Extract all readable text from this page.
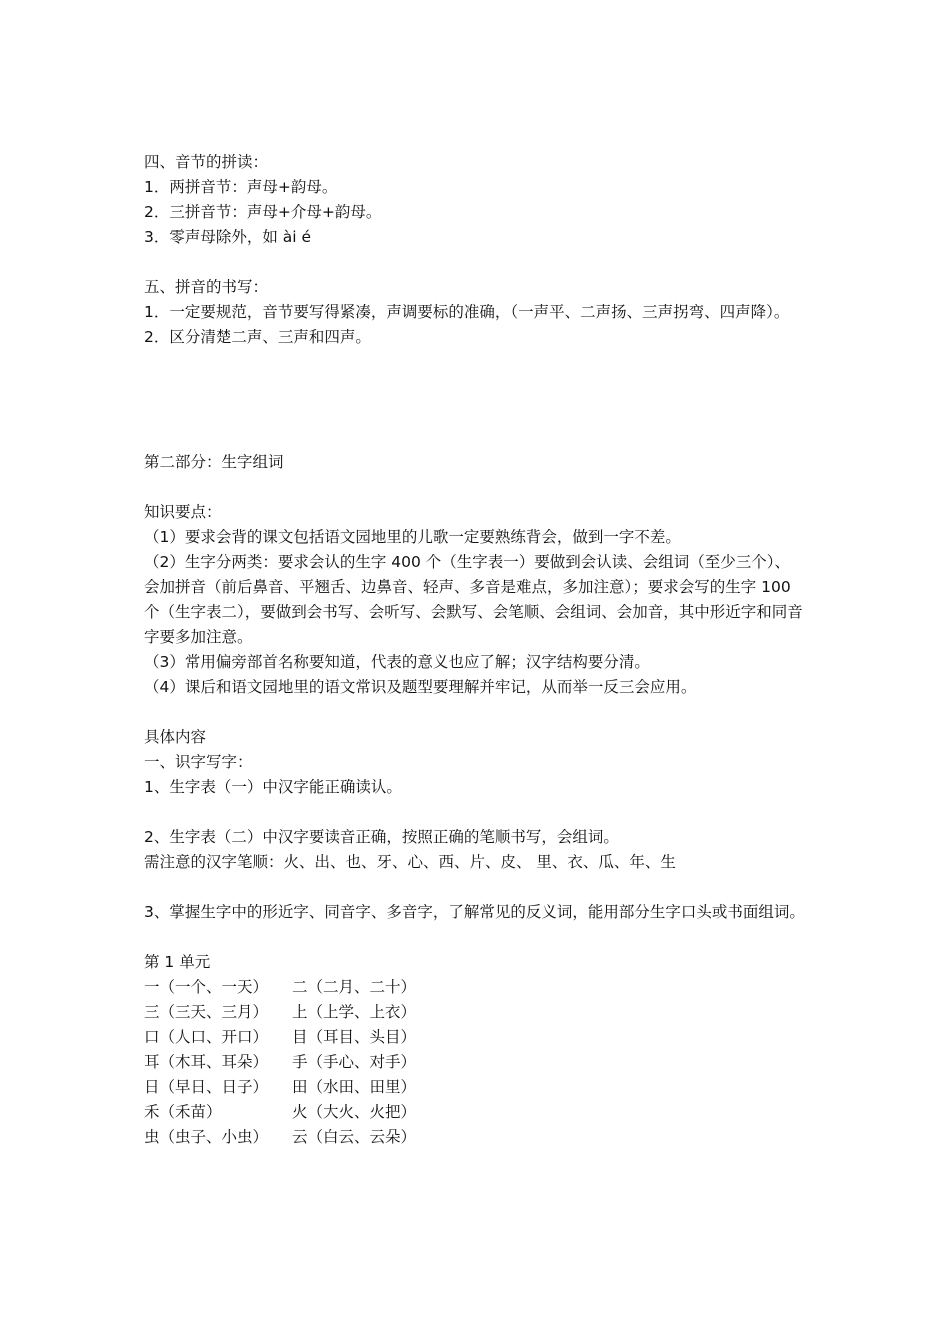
四、音节的拼读：
1．两拼音节：声母+韵母。
2．三拼音节：声母+介母+韵母。
3．零声母除外，如 ài é
五、拼音的书写：
1．一定要规范，音节要写得紧凑，声调要标的准确，（一声平、二声扬、三声拐弯、四声降）。
2．区分清楚二声、三声和四声。
第二部分：生字组词
知识要点：
（1）要求会背的课文包括语文园地里的儿歌一定要熟练背会，做到一字不差。
（2）生字分两类：要求会认的生字 400 个（生字表一）要做到会认读、会组词（至少三个）、
会加拼音（前后鼻音、平翘舌、边鼻音、轻声、多音是难点，多加注意）；要求会写的生字 100 个（生字表二），要做到会书写、会听写、会默写、会笔顺、会组词、会加音，其中形近字和同音字要多加注意。
（3）常用偏旁部首名称要知道，代表的意义也应了解；汉字结构要分清。
（4）课后和语文园地里的语文常识及题型要理解并牢记，从而举一反三会应用。
具体内容
一、识字写字：
1、生字表（一）中汉字能正确读认。
2、生字表（二）中汉字要读音正确，按照正确的笔顺书写，会组词。
需注意的汉字笔顺：火、出、也、牙、心、西、片、皮、 里、衣、瓜、年、生
3、掌握生字中的形近字、同音字、多音字，了解常见的反义词，能用部分生字口头或书面组词。
第 1 单元
一（一个、一天）	二（二月、二十）
三（三天、三月）	上（上学、上衣）
口（人口、开口）	目（耳目、头目）
耳（木耳、耳朵）	手（手心、对手）
日（早日、日子）	田（水田、田里）
禾（禾苗）	火（大火、火把）
虫（虫子、小虫）	云（白云、云朵）
